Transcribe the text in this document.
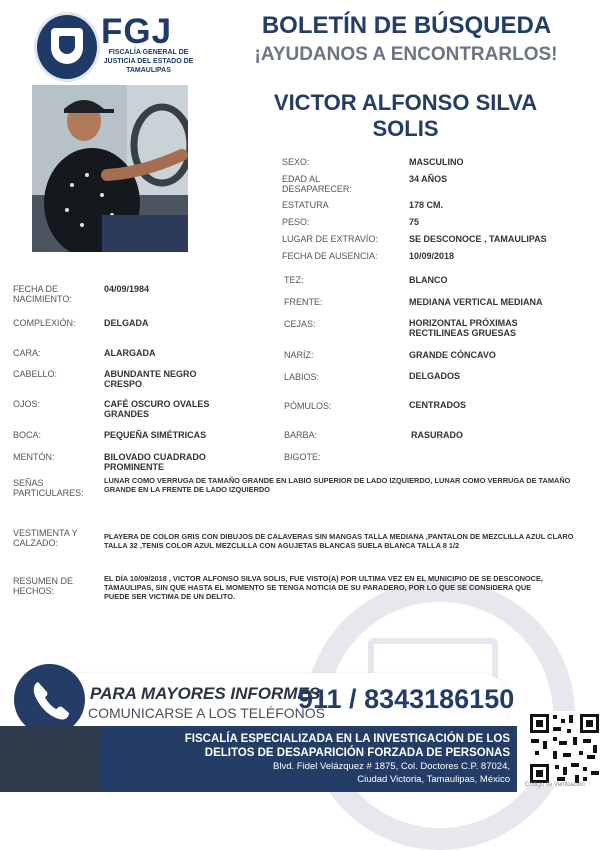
FGJ
FISCALÍA GENERAL DE JUSTICIA DEL ESTADO DE TAMAULIPAS
BOLETÍN DE BÚSQUEDA
¡AYUDANOS A ENCONTRARLOS!
VICTOR ALFONSO SILVA
SOLIS
SEXO:	MASCULINO
EDAD AL DESAPARECER:
34 AÑOS
ESTATURA	178 CM.
PESO:	75
LUGAR DE EXTRAVÍO:	SE DESCONOCE , TAMAULIPAS
FECHA DE AUSENCIA:	10/09/2018
FECHA DE NACIMIENTO:
04/09/1984
COMPLEXIÓN:	DELGADA
CARA:	ALARGADA
CABELLO:	ABUNDANTE NEGRO CRESPO
OJOS:	CAFÉ OSCURO OVALES GRANDES
BOCA:	PEQUEÑA SIMÉTRICAS
MENTÓN:	BILOVADO CUADRADO PROMINENTE
TEZ:	BLANCO
FRENTE:	MEDIANA VERTICAL MEDIANA
CEJAS:	HORIZONTAL PRÓXIMAS RECTILINEAS GRUESAS
NARÍZ:	GRANDE CÓNCAVO
LABIOS:	DELGADOS
PÓMULOS:	CENTRADOS
BARBA:	RASURADO
BIGOTE:
SEÑAS PARTICULARES:
LUNAR COMO VERRUGA DE TAMAÑO GRANDE EN LABIO SUPERIOR DE LADO IZQUIERDO, LUNAR COMO VERRUGA DE TAMAÑO GRANDE EN LA FRENTE DE LADO IZQUIERDO
VESTIMENTA Y CALZADO:
PLAYERA DE COLOR GRIS CON DIBUJOS DE CALAVERAS SIN MANGAS TALLA MEDIANA ,PANTALON DE MEZCLILLA AZUL CLARO TALLA 32 ,TENIS COLOR AZUL MEZCLILLA CON AGUJETAS BLANCAS SUELA BLANCA TALLA 8 1/2
RESUMEN DE HECHOS:
EL DÍA 10/09/2018 , VICTOR ALFONSO SILVA SOLIS, FUE VISTO(A) POR ULTIMA VEZ EN EL MUNICIPIO DE SE DESCONOCE, TAMAULIPAS, SIN QUE HASTA EL MOMENTO SE TENGA NOTICIA DE SU PARADERO, POR LO QUE SE CONSIDERA QUE PUEDE SER VICTIMA DE UN DELITO.
PARA MAYORES INFORMES,
COMUNICARSE A LOS TELÉFONOS
911 / 8343186150
FISCALÍA ESPECIALIZADA EN LA INVESTIGACIÓN DE LOS
DELITOS DE DESAPARICIÓN FORZADA DE PERSONAS
Blvd. Fidel Velázquez # 1875, Col. Doctores C.P. 87024,
Ciudad Victoria, Tamaulipas, México	Código de Verificación
